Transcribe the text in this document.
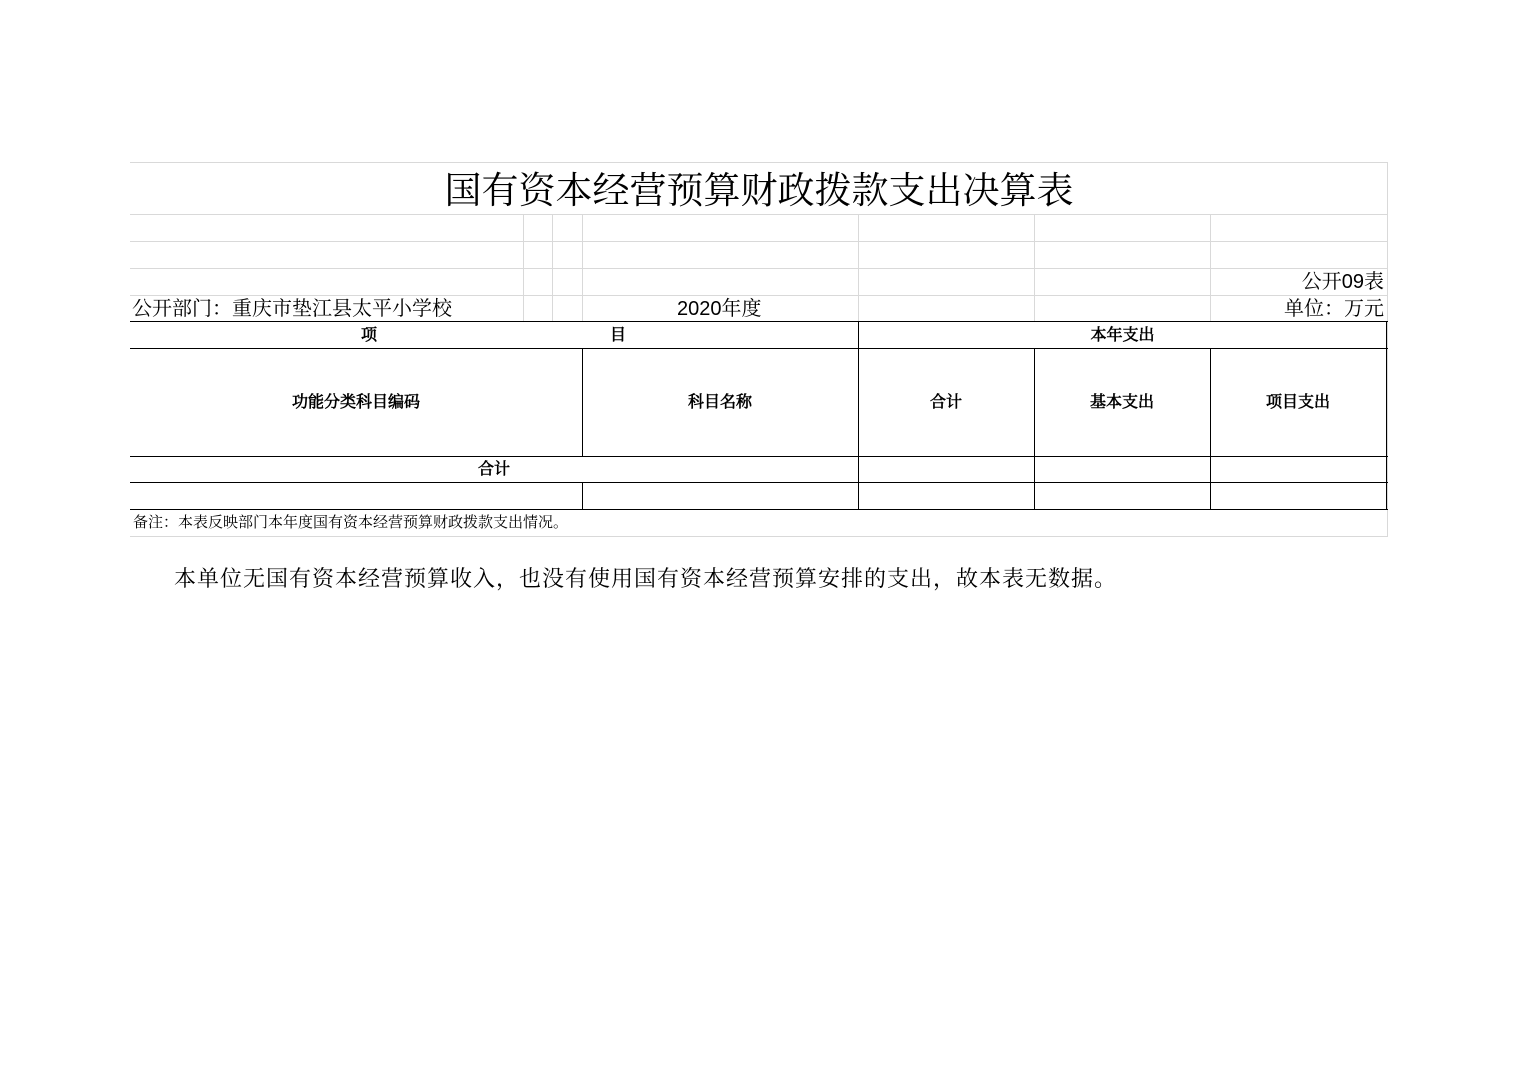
国有资本经营预算财政拨款支出决算表
公开09表
公开部门：重庆市垫江县太平小学校	2020年度	单位：万元
项	目	本年支出
功能分类科目编码	科目名称	合计	基本支出	项目支出
合计
备注：本表反映部门本年度国有资本经营预算财政拨款支出情况。
本单位无国有资本经营预算收入，也没有使用国有资本经营预算安排的支出，故本表无数据。
